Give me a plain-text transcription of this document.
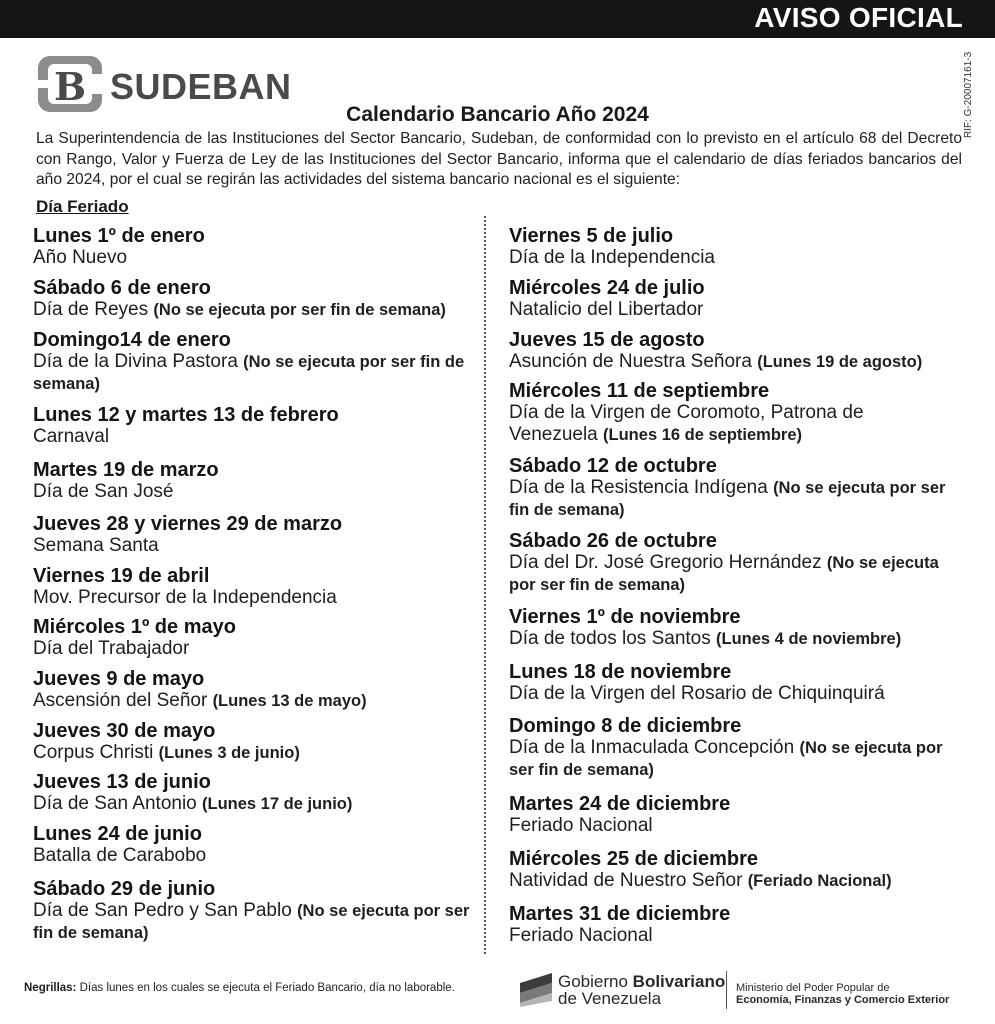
AVISO OFICIAL
B SUDEBAN	RIF: G-20007161-3
Calendario Bancario Año 2024

La Superintendencia de las Instituciones del Sector Bancario, Sudeban, de conformidad con lo previsto en el artículo 68 del Decreto con Rango, Valor y Fuerza de Ley de las Instituciones del Sector Bancario, informa que el calendario de días feriados bancarios del año 2024, por el cual se regirán las actividades del sistema bancario nacional es el siguiente:

Día Feriado
Lunes 1º de enero
Año Nuevo
Sábado 6 de enero
Día de Reyes (No se ejecuta por ser fin de semana)
Domingo14 de enero
Día de la Divina Pastora (No se ejecuta por ser fin de semana)
Lunes 12 y martes 13 de febrero
Carnaval
Martes 19 de marzo
Día de San José
Jueves 28 y viernes 29 de marzo
Semana Santa
Viernes 19 de abril
Mov. Precursor de la Independencia
Miércoles 1º de mayo
Día del Trabajador
Jueves 9 de mayo
Ascensión del Señor (Lunes 13 de mayo)
Jueves 30 de mayo
Corpus Christi (Lunes 3 de junio)
Jueves 13 de junio
Día de San Antonio (Lunes 17 de junio)
Lunes 24 de junio
Batalla de Carabobo
Sábado 29 de junio
Día de San Pedro y San Pablo (No se ejecuta por ser fin de semana)
Viernes 5 de julio
Día de la Independencia
Miércoles 24 de julio
Natalicio del Libertador
Jueves 15 de agosto
Asunción de Nuestra Señora (Lunes 19 de agosto)
Miércoles 11 de septiembre
Día de la Virgen de Coromoto, Patrona de Venezuela (Lunes 16 de septiembre)
Sábado 12 de octubre
Día de la Resistencia Indígena (No se ejecuta por ser fin de semana)
Sábado 26 de octubre
Día del Dr. José Gregorio Hernández (No se ejecuta por ser fin de semana)
Viernes 1º de noviembre
Día de todos los Santos (Lunes 4 de noviembre)
Lunes 18 de noviembre
Día de la Virgen del Rosario de Chiquinquirá
Domingo 8 de diciembre
Día de la Inmaculada Concepción (No se ejecuta por ser fin de semana)
Martes 24 de diciembre
Feriado Nacional
Miércoles 25 de diciembre
Natividad de Nuestro Señor (Feriado Nacional)
Martes 31 de diciembre
Feriado Nacional
Negrillas: Días lunes en los cuales se ejecuta el Feriado Bancario, día no laborable.	Gobierno Bolivariano
de Venezuela
Ministerio del Poder Popular de
Economía, Finanzas y Comercio Exterior
